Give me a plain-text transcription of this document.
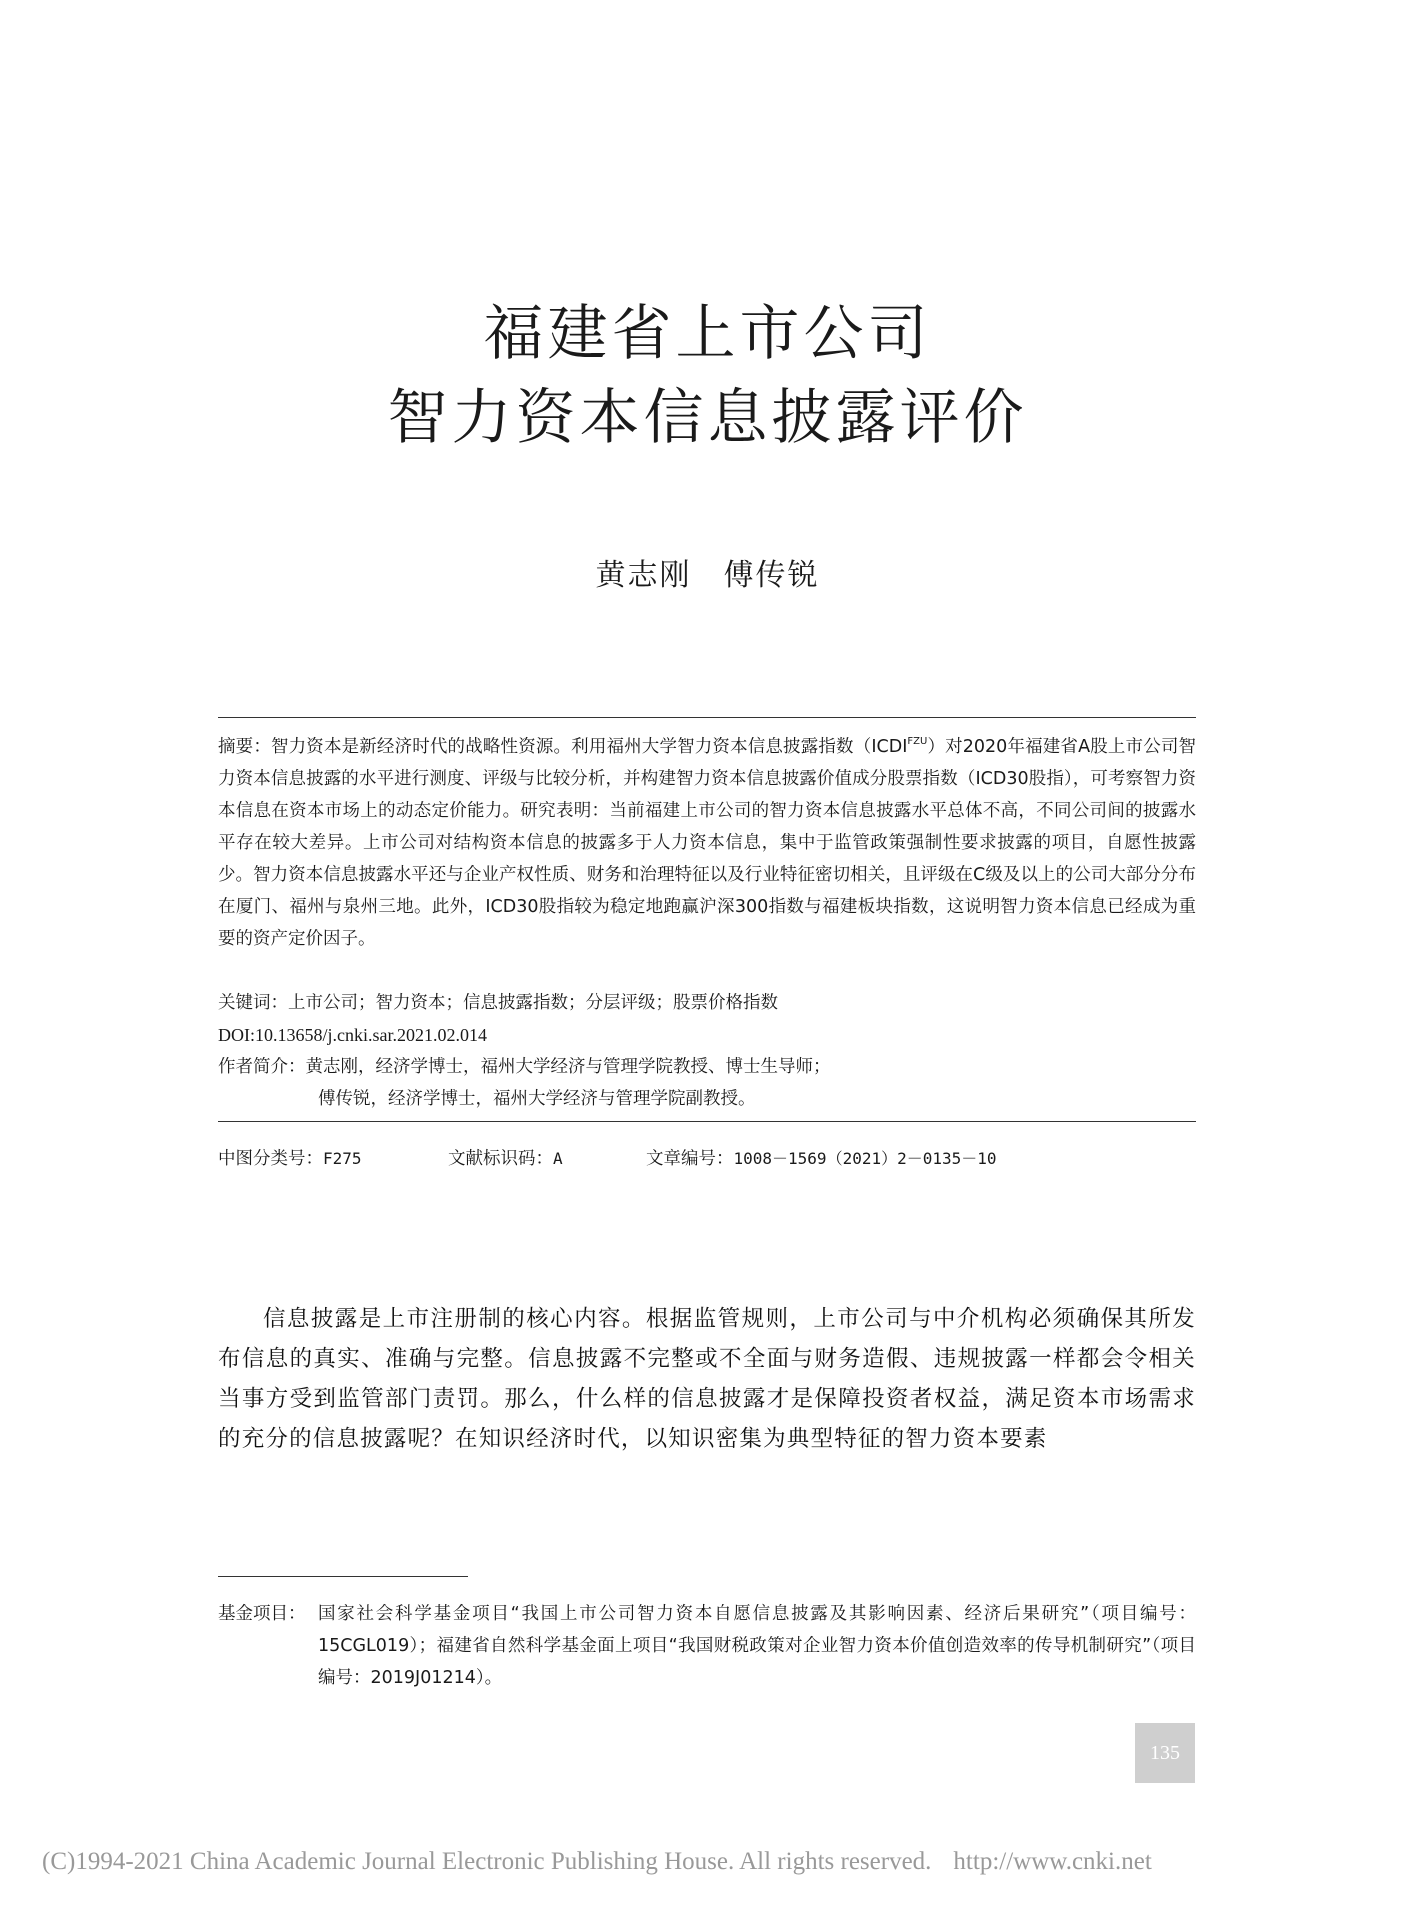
福建省上市公司
智力资本信息披露评价
黄志刚　傅传锐
摘要：智力资本是新经济时代的战略性资源。利用福州大学智力资本信息披露指数$(ICDI^{FZU})$对2020年福建省A股上市公司智力资本信息披露的水平进行测度、评级与比较分析，并构建智力资本信息披露价值成分股票指数（ICD30股指），可考察智力资本信息在资本市场上的动态定价能力。研究表明：当前福建上市公司的智力资本信息披露水平总体不高，不同公司间的披露水平存在较大差异。上市公司对结构资本信息的披露多于人力资本信息，集中于监管政策强制性要求披露的项目，自愿性披露少。智力资本信息披露水平还与企业产权性质、财务和治理特征以及行业特征密切相关，且评级在C级及以上的公司大部分分布在厦门、福州与泉州三地。此外，ICD30股指较为稳定地跑赢沪深300指数与福建板块指数，这说明智力资本信息已经成为重要的资产定价因子。
关键词：上市公司；智力资本；信息披露指数；分层评级；股票价格指数
DOI:10.13658/j.cnki.sar.2021.02.014
作者简介：黄志刚，经济学博士，福州大学经济与管理学院教授、博士生导师；
傅传锐，经济学博士，福州大学经济与管理学院副教授。
中图分类号：F275	文献标识码：A	文章编号：1008－1569（2021）2－0135－10
信息披露是上市注册制的核心内容。根据监管规则，上市公司与中介机构必须确保其所发布信息的真实、准确与完整。信息披露不完整或不全面与财务造假、违规披露一样都会令相关当事方受到监管部门责罚。那么，什么样的信息披露才是保障投资者权益，满足资本市场需求的充分的信息披露呢？在知识经济时代，以知识密集为典型特征的智力资本要素
基金项目： 国家社会科学基金项目“我国上市公司智力资本自愿信息披露及其影响因素、经济后果研究”（项目编号：15CGL019）；福建省自然科学基金面上项目“我国财税政策对企业智力资本价值创造效率的传导机制研究”（项目编号：2019J01214）。
135
(C)1994-2021 China Academic Journal Electronic Publishing House. All rights reserved. http://www.cnki.net
